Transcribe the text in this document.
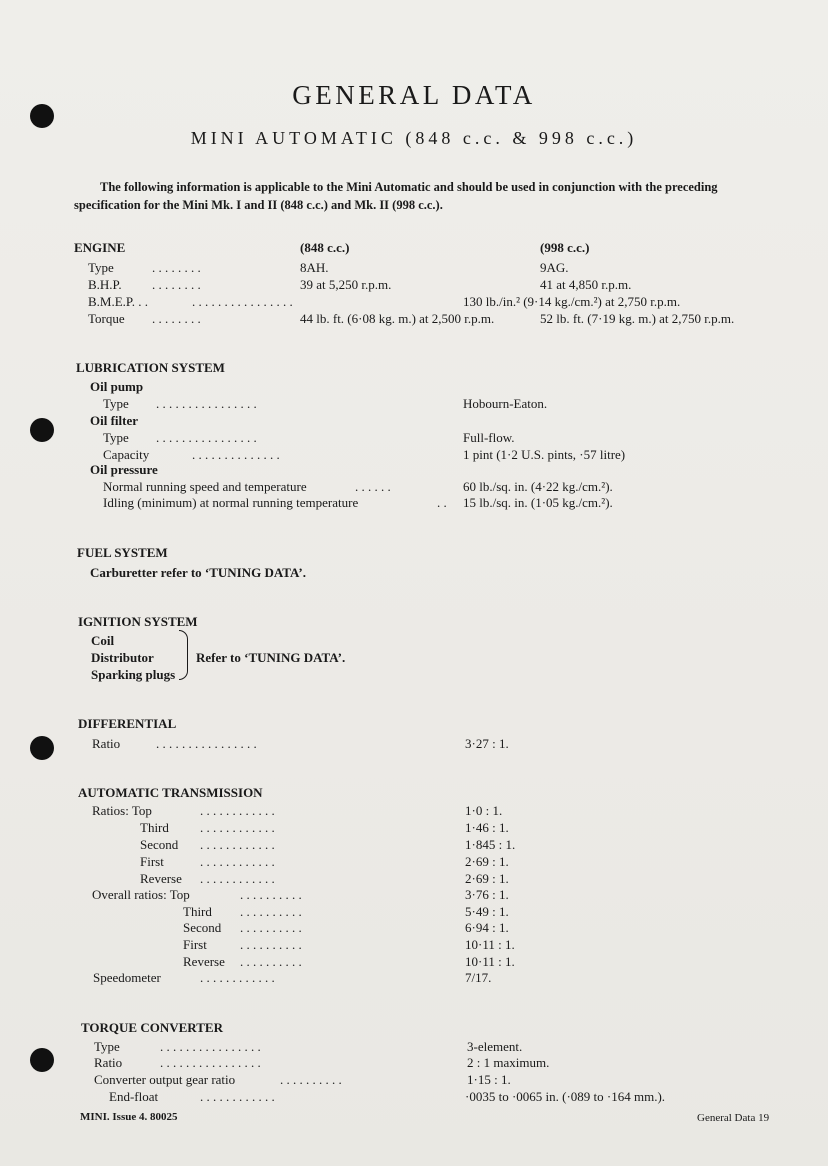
GENERAL DATA
MINI AUTOMATIC (848 c.c. & 998 c.c.)
The following information is applicable to the Mini Automatic and should be used in conjunction with the preceding specification for the Mini Mk. I and II (848 c.c.) and Mk. II (998 c.c.).
ENGINE	(848 c.c.)	(998 c.c.)
Type	. . . . . . . .	8AH.	9AG.
B.H.P. . . . . . . . .	39 at 5,250 r.p.m.	41 at 4,850 r.p.m.
B.M.E.P. . .	. . . . . . . . . . . . . . . .	130 lb./in.² (9·14 kg./cm.²) at 2,750 r.p.m.
Torque . . . . . . . .	44 lb. ft. (6·08 kg. m.) at 2,500 r.p.m.	52 lb. ft. (7·19 kg. m.) at 2,750 r.p.m.
LUBRICATION SYSTEM
Oil pump
Type . . . . . . . . . . . . . . . .	Hobourn-Eaton.
Oil filter
Type . . . . . . . . . . . . . . . .	Full-flow.
Capacity	. . . . . . . . . . . . . .	1 pint (1·2 U.S. pints, ·57 litre)
Oil pressure
Normal running speed and temperature	. . . . . .	60 lb./sq. in. (4·22 kg./cm.²).
Idling (minimum) at normal running temperature	. . 15 lb./sq. in. (1·05 kg./cm.²).
FUEL SYSTEM
Carburetter refer to ‘TUNING DATA’.
IGNITION SYSTEM
Coil
Distributor
Sparking plugs
Refer to ‘TUNING DATA’.
DIFFERENTIAL
Ratio	. . . . . . . . . . . . . . . .	3·27 : 1.
AUTOMATIC TRANSMISSION
Ratios: Top	. . . . . . . . . . . .	1·0 : 1.
Third . . . . . . . . . . . .	1·46 : 1.
Second . . . . . . . . . . . .	1·845 : 1.
First	. . . . . . . . . . . .	2·69 : 1.
Reverse . . . . . . . . . . . .	2·69 : 1.
Overall ratios: Top	. . . . . . . . . .	3·76 : 1.
Third . . . . . . . . . .	5·49 : 1.
Second . . . . . . . . . .	6·94 : 1.
First	. . . . . . . . . .	10·11 : 1.
Reverse . . . . . . . . . .	10·11 : 1.
Speedometer	. . . . . . . . . . . .	7/17.
TORQUE CONVERTER
Type	. . . . . . . . . . . . . . . .	3-element.
Ratio	. . . . . . . . . . . . . . . .	2 : 1 maximum.
Converter output gear ratio	. . . . . . . . . .	1·15 : 1.
End-float	. . . . . . . . . . . .	·0035 to ·0065 in. (·089 to ·164 mm.).
MINI. Issue 4. 80025	General Data 19
